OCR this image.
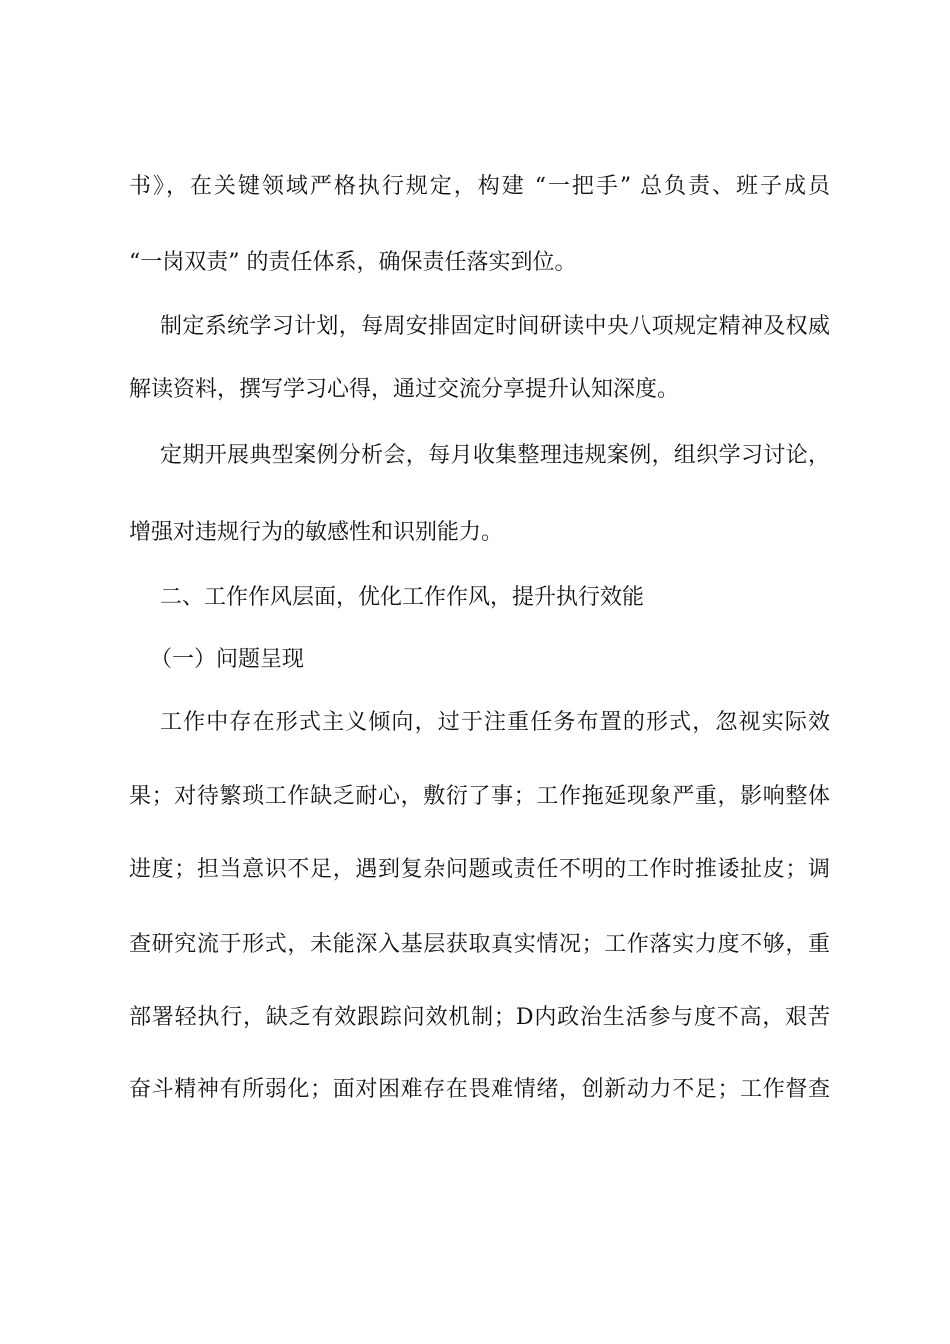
书》，在关键领域严格执行规定，构建 “一把手” 总负责、班子成员
“一岗双责” 的责任体系，确保责任落实到位。
制定系统学习计划，每周安排固定时间研读中央八项规定精神及权威
解读资料，撰写学习心得，通过交流分享提升认知深度。
定期开展典型案例分析会，每月收集整理违规案例，组织学习讨论，
增强对违规行为的敏感性和识别能力。
二、工作作风层面，优化工作作风，提升执行效能
（一）问题呈现
工作中存在形式主义倾向，过于注重任务布置的形式，忽视实际效
果；对待繁琐工作缺乏耐心，敷衍了事；工作拖延现象严重，影响整体
进度；担当意识不足，遇到复杂问题或责任不明的工作时推诿扯皮；调
查研究流于形式，未能深入基层获取真实情况；工作落实力度不够，重
部署轻执行，缺乏有效跟踪问效机制；D内政治生活参与度不高，艰苦
奋斗精神有所弱化；面对困难存在畏难情绪，创新动力不足；工作督查
